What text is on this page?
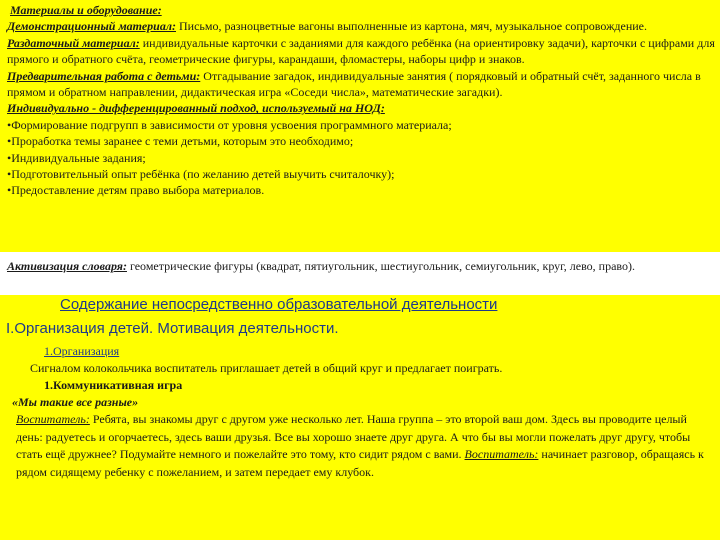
Материалы и оборудование:

Демонстрационный материал: Письмо, разноцветные вагоны выполненные из картона, мяч, музыкальное сопровождение.

Раздаточный материал: индивидуальные карточки с заданиями для каждого ребёнка (на ориентировку задачи), карточки с цифрами для прямого и обратного счёта, геометрические фигуры, карандаши, фломастеры, наборы цифр и знаков.

Предварительная работа с детьми: Отгадывание загадок, индивидуальные занятия ( порядковый и обратный счёт, заданного числа в прямом и обратном направлении, дидактическая игра «Соседи числа», математические загадки).

Индивидуально - дифференцированный подход, используемый на НОД:

•Формирование подгрупп в зависимости от уровня усвоения программного материала;

•Проработка темы заранее с теми детьми, которым это необходимо;

•Индивидуальные задания;

•Подготовительный опыт ребёнка (по желанию детей выучить считалочку);

•Предоставление детям право выбора материалов.

Активизация словаря: геометрические фигуры (квадрат, пятиугольник, шестиугольник, семиугольник, круг, лево, право).

Содержание непосредственно образовательной деятельности

I.Организация детей. Мотивация деятельности.

1.Организация

Сигналом колокольчика воспитатель приглашает детей в общий круг и предлагает поиграть.

1.Коммуникативная игра

«Мы такие все разные»

Воспитатель: Ребята, вы знакомы друг с другом уже несколько лет. Наша группа – это второй ваш дом. Здесь вы проводите целый день: радуетесь и огорчаетесь, здесь ваши друзья. Все вы хорошо знаете друг друга. А что бы вы могли пожелать друг другу, чтобы стать ещё дружнее? Подумайте немного и пожелайте это тому, кто сидит рядом с вами. Воспитатель: начинает разговор, обращаясь к рядом сидящему ребенку с пожеланием, и затем передает ему клубок.
